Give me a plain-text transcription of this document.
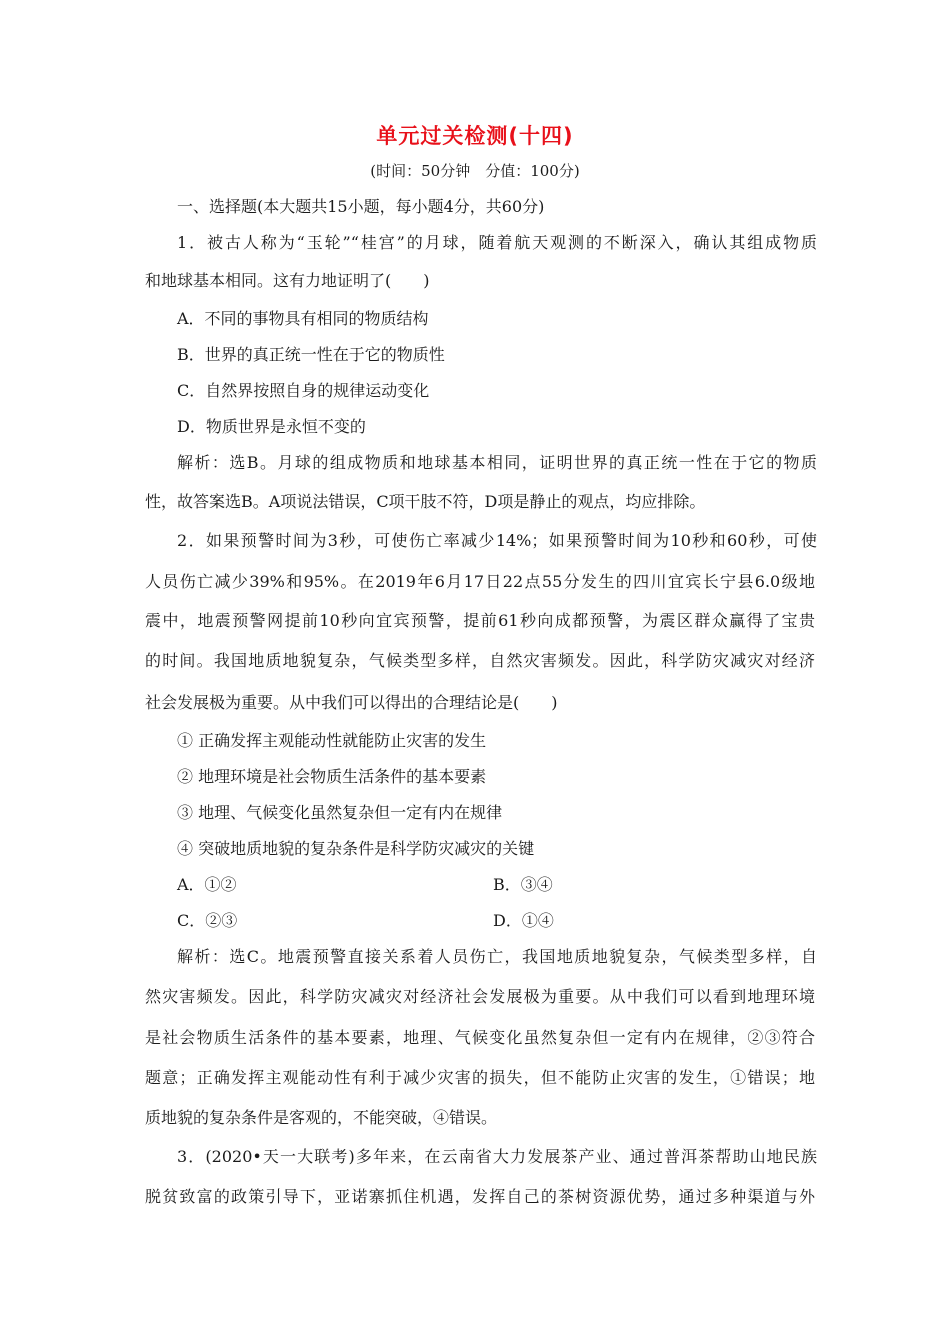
单元过关检测(十四)
(时间：50分钟　分值：100分)
一、选择题(本大题共15小题，每小题4分，共60分)
1．被古人称为“玉轮”“桂宫”的月球，随着航天观测的不断深入，确认其组成物质
和地球基本相同。这有力地证明了(　　)
A．不同的事物具有相同的物质结构
B．世界的真正统一性在于它的物质性
C．自然界按照自身的规律运动变化
D．物质世界是永恒不变的
解析：选B。月球的组成物质和地球基本相同，证明世界的真正统一性在于它的物质
性，故答案选B。A项说法错误，C项干肢不符，D项是静止的观点，均应排除。
2．如果预警时间为3秒，可使伤亡率减少14%；如果预警时间为10秒和60秒，可使
人员伤亡减少39%和95%。在2019年6月17日22点55分发生的四川宜宾长宁县6.0级地
震中，地震预警网提前10秒向宜宾预警，提前61秒向成都预警，为震区群众赢得了宝贵
的时间。我国地质地貌复杂，气候类型多样，自然灾害频发。因此，科学防灾减灾对经济
社会发展极为重要。从中我们可以得出的合理结论是(　　)
① 正确发挥主观能动性就能防止灾害的发生
② 地理环境是社会物质生活条件的基本要素
③ 地理、气候变化虽然复杂但一定有内在规律
④ 突破地质地貌的复杂条件是科学防灾减灾的关键
A．①②	B．③④
C．②③	D．①④
解析：选C。地震预警直接关系着人员伤亡，我国地质地貌复杂，气候类型多样，自
然灾害频发。因此，科学防灾减灾对经济社会发展极为重要。从中我们可以看到地理环境
是社会物质生活条件的基本要素，地理、气候变化虽然复杂但一定有内在规律，②③符合
题意；正确发挥主观能动性有利于减少灾害的损失，但不能防止灾害的发生，①错误；地
质地貌的复杂条件是客观的，不能突破，④错误。
3．(2020•天一大联考)多年来，在云南省大力发展茶产业、通过普洱茶帮助山地民族
脱贫致富的政策引导下，亚诺寨抓住机遇，发挥自己的茶树资源优势，通过多种渠道与外
